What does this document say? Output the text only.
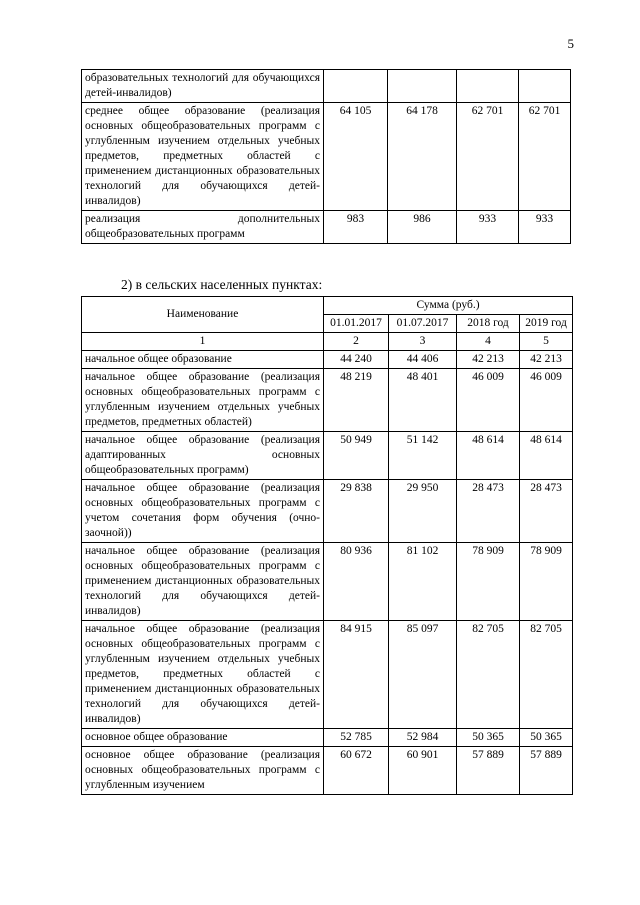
5
образовательных технологий для обучающихся детей-инвалидов)				
среднее общее образование (реализация основных общеобразовательных программ с углубленным изучением отдельных учебных предметов, предметных областей с применением дистанционных образовательных технологий для обучающихся детей-инвалидов)	64 105	64 178	62 701	62 701
реализация дополнительных общеобразовательных программ	983	986	933	933
2) в сельских населенных пунктах:
Наименование	Сумма (руб.)			
	01.01.2017	01.07.2017	2018 год	2019 год
1	2	3	4	5
начальное общее образование	44 240	44 406	42 213	42 213
начальное общее образование (реализация основных общеобразовательных программ с углубленным изучением отдельных учебных предметов, предметных областей)	48 219	48 401	46 009	46 009
начальное общее образование (реализация адаптированных основных общеобразовательных программ)	50 949	51 142	48 614	48 614
начальное общее образование (реализация основных общеобразовательных программ с учетом сочетания форм обучения (очно-заочной))	29 838	29 950	28 473	28 473
начальное общее образование (реализация основных общеобразовательных программ с применением дистанционных образовательных технологий для обучающихся детей-инвалидов)	80 936	81 102	78 909	78 909
начальное общее образование (реализация основных общеобразовательных программ с углубленным изучением отдельных учебных предметов, предметных областей с применением дистанционных образовательных технологий для обучающихся детей-инвалидов)	84 915	85 097	82 705	82 705
основное общее образование	52 785	52 984	50 365	50 365
основное общее образование (реализация основных общеобразовательных программ с углубленным изучением	60 672	60 901	57 889	57 889
